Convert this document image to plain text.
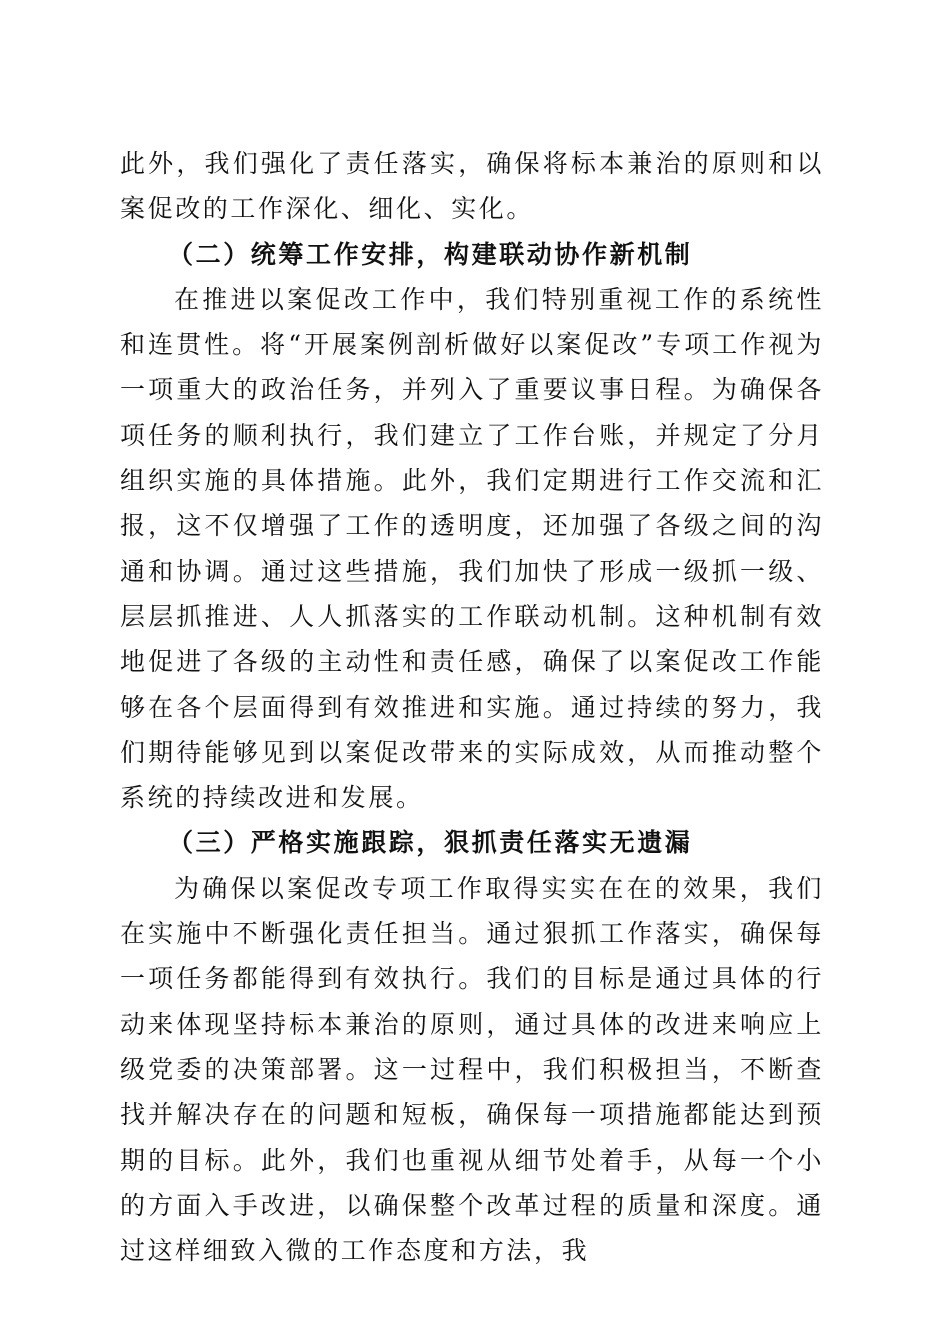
此外，我们强化了责任落实，确保将标本兼治的原则和以案促改的工作深化、细化、实化。

（二）统筹工作安排，构建联动协作新机制

在推进以案促改工作中，我们特别重视工作的系统性和连贯性。将“开展案例剖析做好以案促改”专项工作视为一项重大的政治任务，并列入了重要议事日程。为确保各项任务的顺利执行，我们建立了工作台账，并规定了分月组织实施的具体措施。此外，我们定期进行工作交流和汇报，这不仅增强了工作的透明度，还加强了各级之间的沟通和协调。通过这些措施，我们加快了形成一级抓一级、层层抓推进、人人抓落实的工作联动机制。这种机制有效地促进了各级的主动性和责任感，确保了以案促改工作能够在各个层面得到有效推进和实施。通过持续的努力，我们期待能够见到以案促改带来的实际成效，从而推动整个系统的持续改进和发展。

（三）严格实施跟踪，狠抓责任落实无遗漏

为确保以案促改专项工作取得实实在在的效果，我们在实施中不断强化责任担当。通过狠抓工作落实，确保每一项任务都能得到有效执行。我们的目标是通过具体的行动来体现坚持标本兼治的原则，通过具体的改进来响应上级党委的决策部署。这一过程中，我们积极担当，不断查找并解决存在的问题和短板，确保每一项措施都能达到预期的目标。此外，我们也重视从细节处着手，从每一个小的方面入手改进，以确保整个改革过程的质量和深度。通过这样细致入微的工作态度和方法，我
